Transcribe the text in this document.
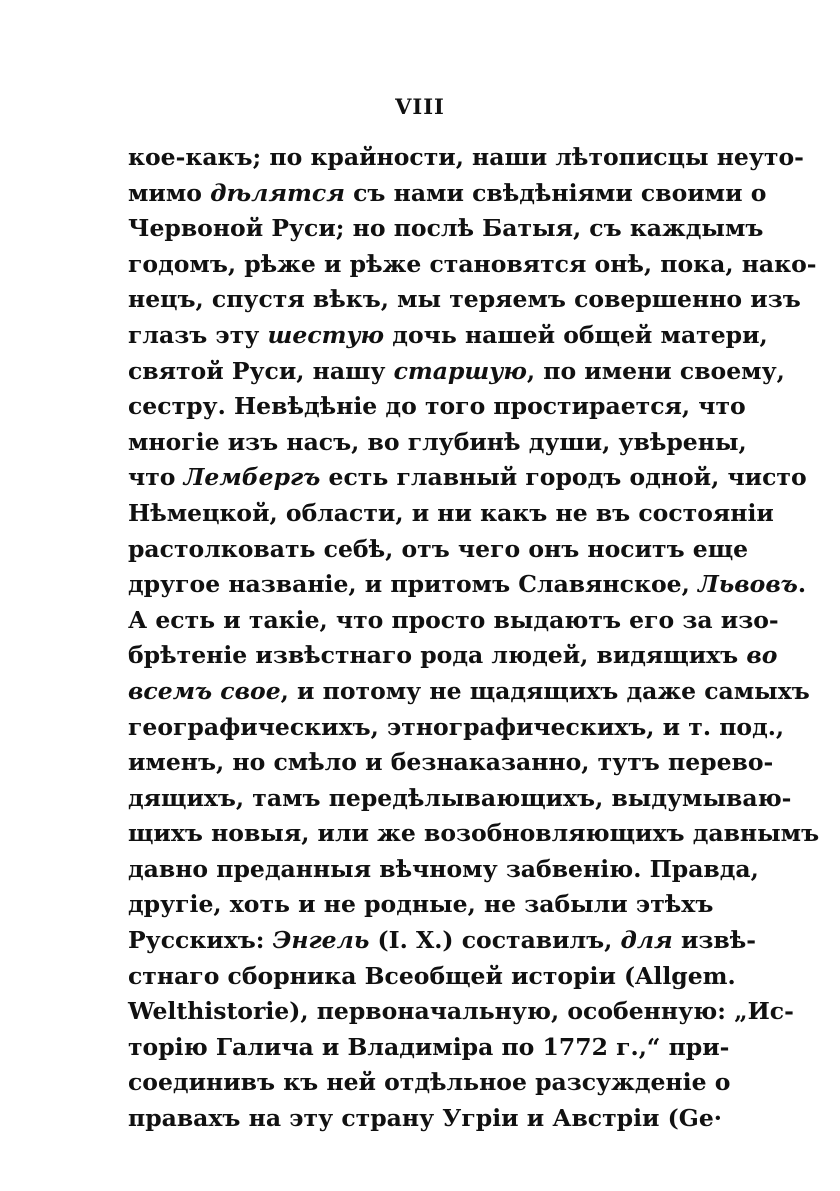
VIII
кое-какъ; по крайности, наши лѣтописцы неуто-
мимо дѣлятся съ нами свѣдѣніями своими о
Червоной Руси; но послѣ Батыя, съ каждымъ
годомъ, рѣже и рѣже становятся онѣ, пока, нако-
нецъ, спустя вѣкъ, мы теряемъ совершенно изъ
глазъ эту шестую дочь нашей общей матери,
святой Руси, нашу старшую, по имени своему,
сестру. Невѣдѣніе до того простирается, что
многіе изъ насъ, во глубинѣ души, увѣрены,
что Лембергъ есть главный городъ одной, чисто
Нѣмецкой, области, и ни какъ не въ состояніи
растолковать себѣ, отъ чего онъ носитъ еще
другое названіе, и притомъ Славянское, Львовъ.
А есть и такіе, что просто выдаютъ его за изо-
брѣтеніе извѣстнаго рода людей, видящихъ во
всемъ свое, и потому не щадящихъ даже самыхъ
географическихъ, этнографическихъ, и т. под.,
именъ, но смѣло и безнаказанно, тутъ перево-
дящихъ, тамъ передѣлывающихъ, выдумываю-
щихъ новыя, или же возобновляющихъ давнымъ
давно преданныя вѣчному забвенію. Правда,
другіе, хоть и не родные, не забыли этѣхъ
Русскихъ: Энгель (I. X.) составилъ, для извѣ-
стнаго сборника Всеобщей исторіи (Allgem.
Welthistorie), первоначальную, особенную: „Ис-
торію Галича и Владиміра по 1772 г.,“ при-
соединивъ къ ней отдѣльное разсужденіе о
правахъ на эту страну Угріи и Австріи (Ge·
